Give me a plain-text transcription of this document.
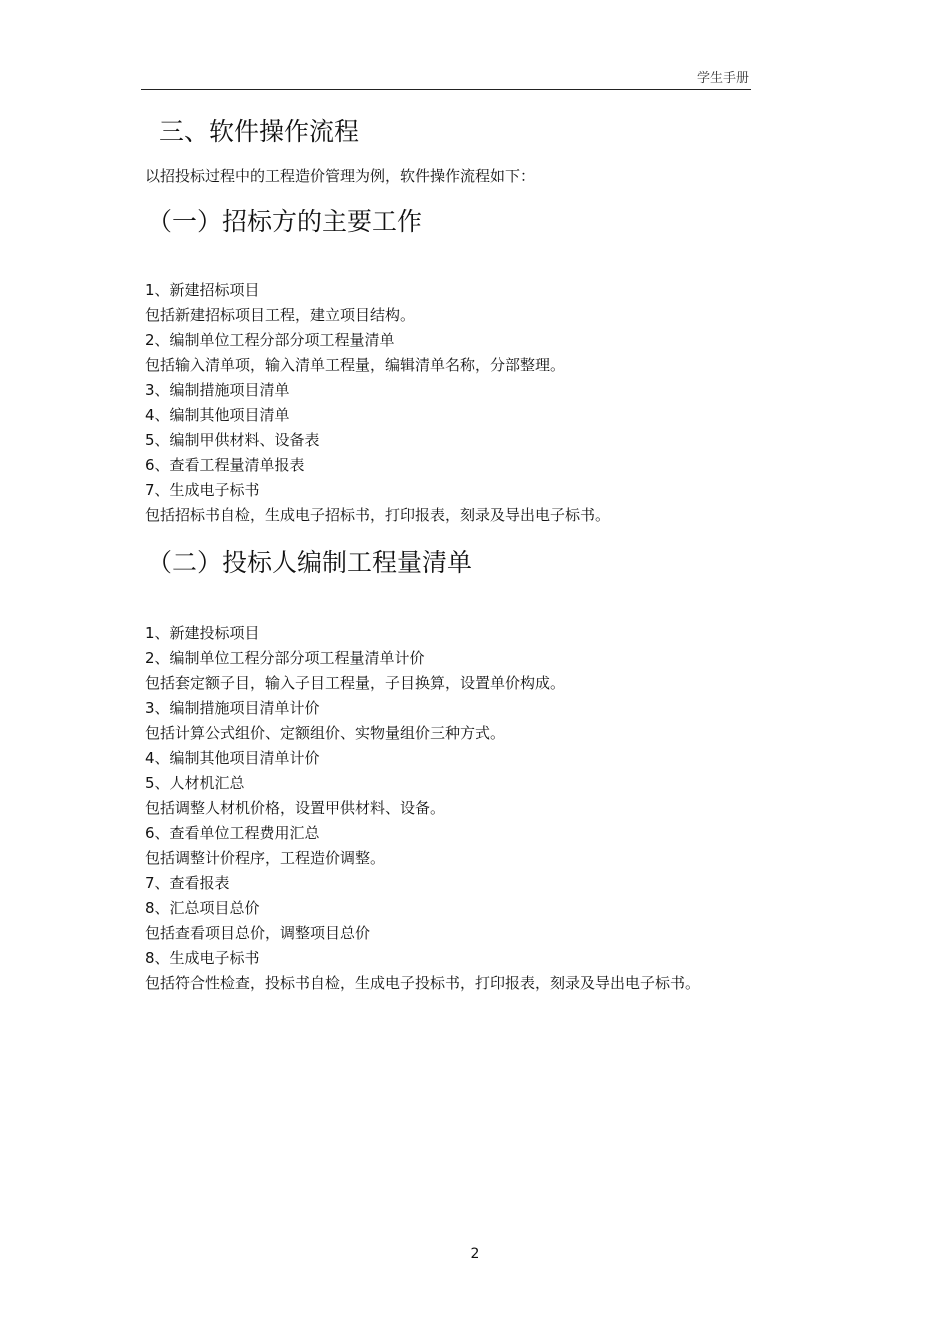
学生手册
三、软件操作流程
以招投标过程中的工程造价管理为例，软件操作流程如下：
（一）招标方的主要工作
1、新建招标项目
包括新建招标项目工程，建立项目结构。
2、编制单位工程分部分项工程量清单
包括输入清单项，输入清单工程量，编辑清单名称，分部整理。
3、编制措施项目清单
4、编制其他项目清单
5、编制甲供材料、设备表
6、查看工程量清单报表
7、生成电子标书
包括招标书自检，生成电子招标书，打印报表，刻录及导出电子标书。
（二）投标人编制工程量清单
1、新建投标项目
2、编制单位工程分部分项工程量清单计价
包括套定额子目，输入子目工程量，子目换算，设置单价构成。
3、编制措施项目清单计价
包括计算公式组价、定额组价、实物量组价三种方式。
4、编制其他项目清单计价
5、人材机汇总
包括调整人材机价格，设置甲供材料、设备。
6、查看单位工程费用汇总
包括调整计价程序，工程造价调整。
7、查看报表
8、汇总项目总价
包括查看项目总价，调整项目总价
8、生成电子标书
包括符合性检查，投标书自检，生成电子投标书，打印报表，刻录及导出电子标书。
2
